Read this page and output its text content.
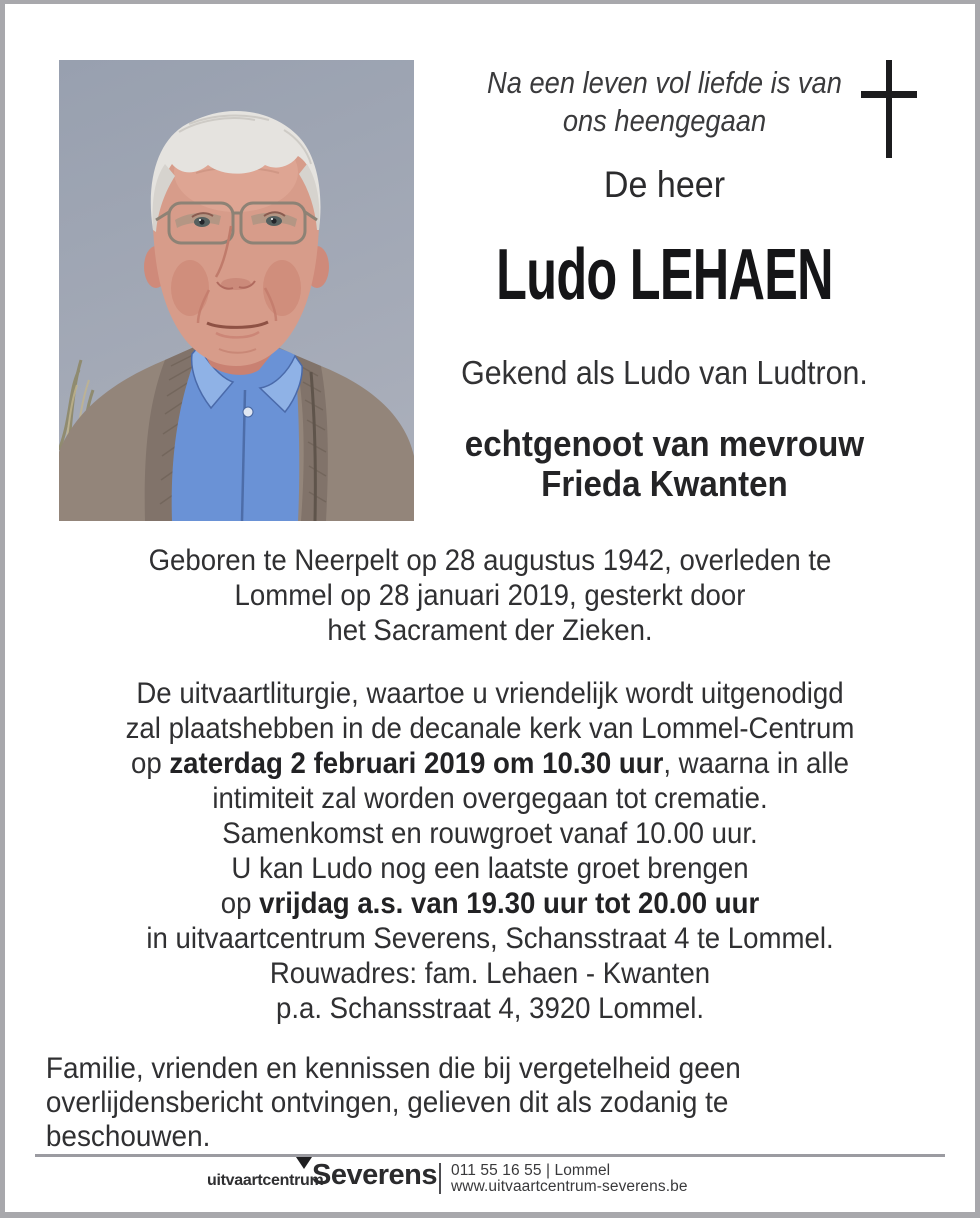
Na een leven vol liefde is van
ons heengegaan
De heer
Ludo LEHAEN
Gekend als Ludo van Ludtron.
echtgenoot van mevrouw
Frieda Kwanten

Geboren te Neerpelt op 28 augustus 1942, overleden te
Lommel op 28 januari 2019, gesterkt door
het Sacrament der Zieken.

De uitvaartliturgie, waartoe u vriendelijk wordt uitgenodigd
zal plaatshebben in de decanale kerk van Lommel-Centrum
op zaterdag 2 februari 2019 om 10.30 uur, waarna in alle
intimiteit zal worden overgegaan tot crematie.
Samenkomst en rouwgroet vanaf 10.00 uur.
U kan Ludo nog een laatste groet brengen
op vrijdag a.s. van 19.30 uur tot 20.00 uur
in uitvaartcentrum Severens, Schansstraat 4 te Lommel.
Rouwadres: fam. Lehaen - Kwanten
p.a. Schansstraat 4, 3920 Lommel.

Familie, vrienden en kennissen die bij vergetelheid geen
overlijdensbericht ontvingen, gelieven dit als zodanig te
beschouwen.

uitvaartcentrum
Severens 011 55 16 55 | Lommel
www.uitvaartcentrum-severens.be
